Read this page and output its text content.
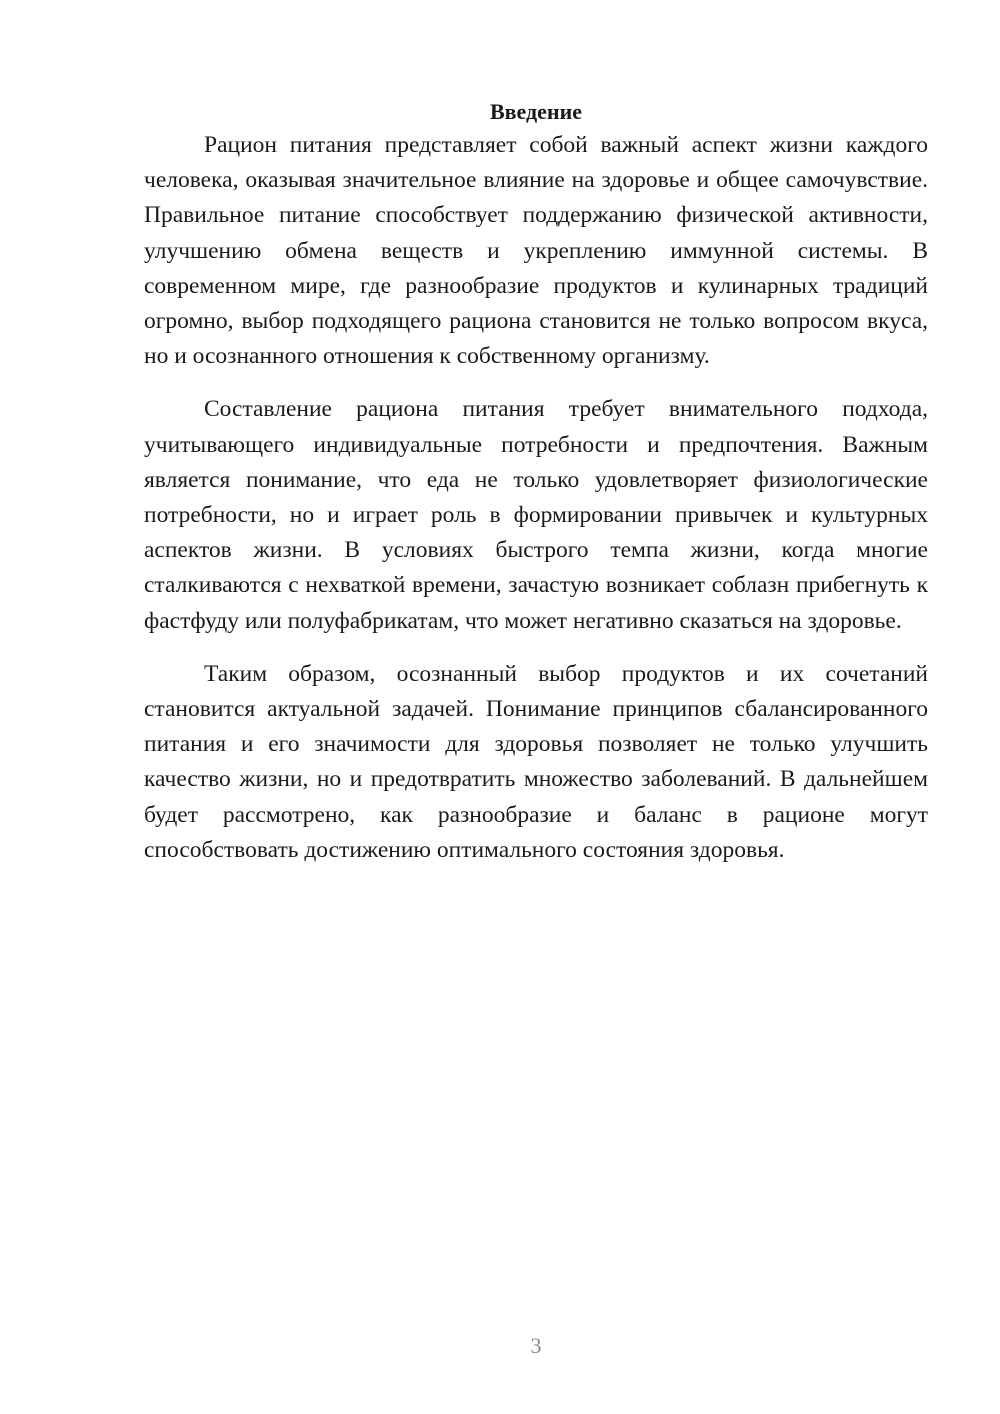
Введение

Рацион питания представляет собой важный аспект жизни каждого человека, оказывая значительное влияние на здоровье и общее самочувствие. Правильное питание способствует поддержанию физической активности, улучшению обмена веществ и укреплению иммунной системы. В современном мире, где разнообразие продуктов и кулинарных традиций огромно, выбор подходящего рациона становится не только вопросом вкуса, но и осознанного отношения к собственному организму.

Составление рациона питания требует внимательного подхода, учитывающего индивидуальные потребности и предпочтения. Важным является понимание, что еда не только удовлетворяет физиологические потребности, но и играет роль в формировании привычек и культурных аспектов жизни. В условиях быстрого темпа жизни, когда многие сталкиваются с нехваткой времени, зачастую возникает соблазн прибегнуть к фастфуду или полуфабрикатам, что может негативно сказаться на здоровье.

Таким образом, осознанный выбор продуктов и их сочетаний становится актуальной задачей. Понимание принципов сбалансированного питания и его значимости для здоровья позволяет не только улучшить качество жизни, но и предотвратить множество заболеваний. В дальнейшем будет рассмотрено, как разнообразие и баланс в рационе могут способствовать достижению оптимального состояния здоровья.

3
